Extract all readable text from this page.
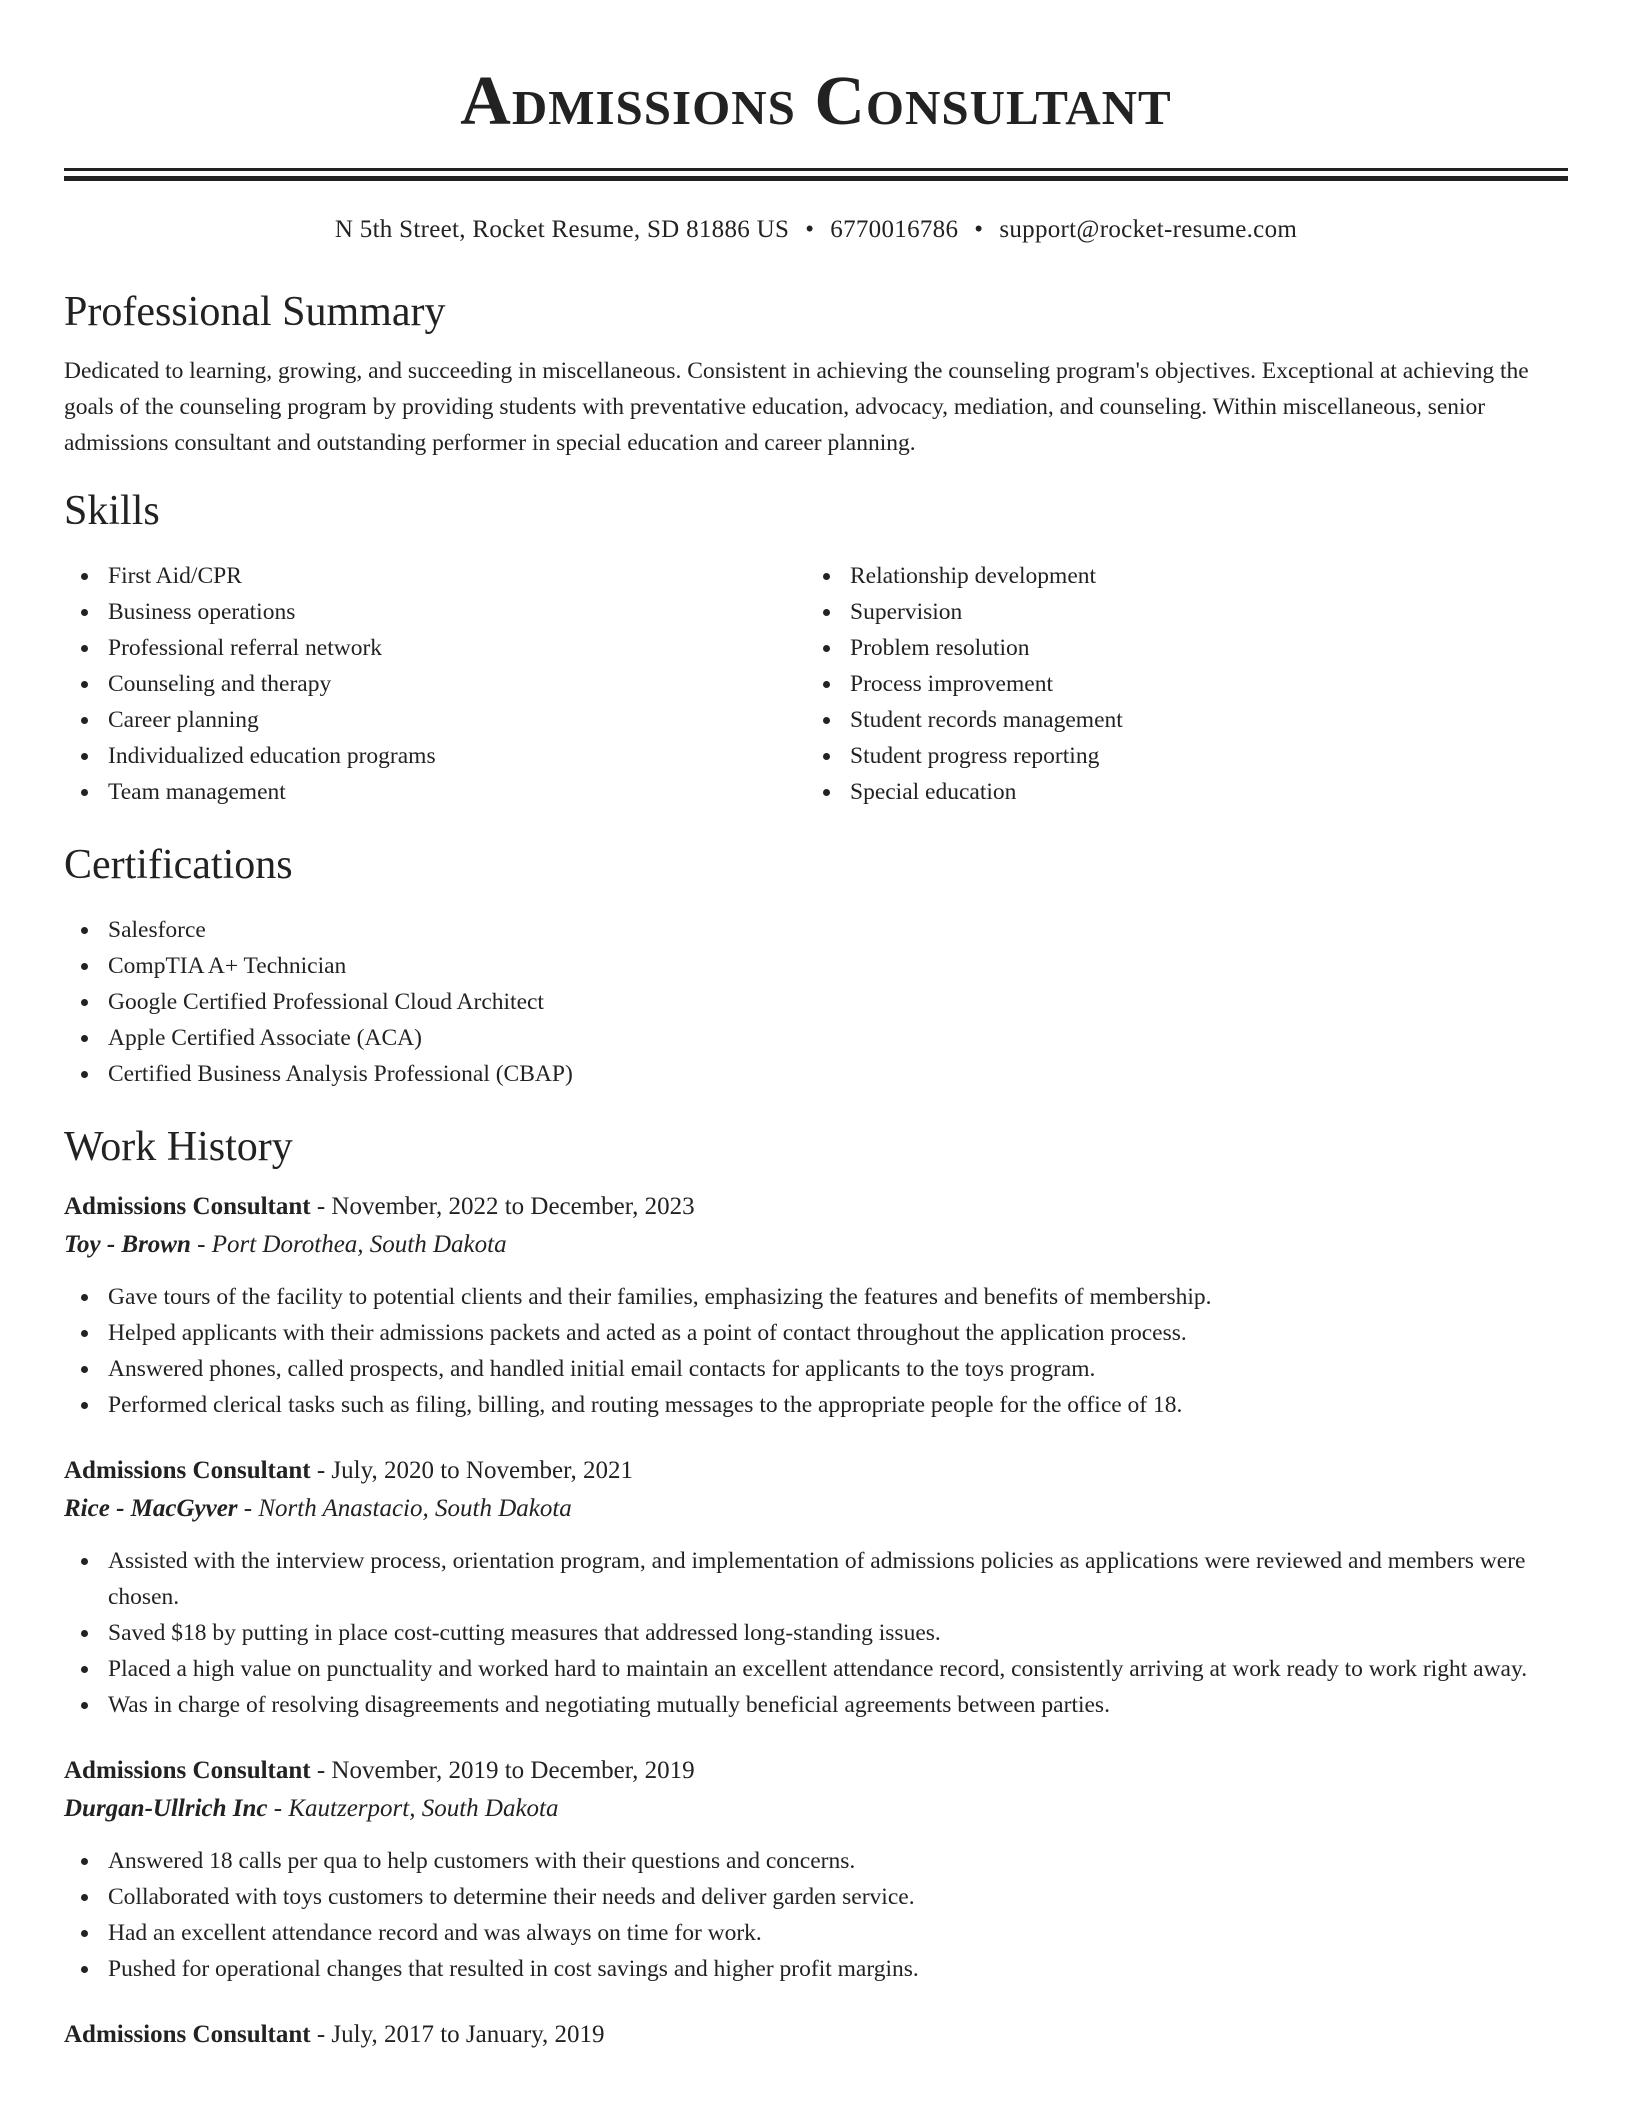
Admissions Consultant
N 5th Street, Rocket Resume, SD 81886 US • 6770016786 • support@rocket-resume.com
Professional Summary

Dedicated to learning, growing, and succeeding in miscellaneous. Consistent in achieving the counseling program's objectives. Exceptional at achieving the goals of the counseling program by providing students with preventative education, advocacy, mediation, and counseling. Within miscellaneous, senior admissions consultant and outstanding performer in special education and career planning.

Skills
First Aid/CPR
Business operations
Professional referral network
Counseling and therapy
Career planning
Individualized education programs
Team management
Relationship development
Supervision
Problem resolution
Process improvement
Student records management
Student progress reporting
Special education
Certifications
Salesforce
CompTIA A+ Technician
Google Certified Professional Cloud Architect
Apple Certified Associate (ACA)
Certified Business Analysis Professional (CBAP)
Work History
Admissions Consultant - November, 2022 to December, 2023
Toy - Brown - Port Dorothea, South Dakota
Gave tours of the facility to potential clients and their families, emphasizing the features and benefits of membership.
Helped applicants with their admissions packets and acted as a point of contact throughout the application process.
Answered phones, called prospects, and handled initial email contacts for applicants to the toys program.
Performed clerical tasks such as filing, billing, and routing messages to the appropriate people for the office of 18.
Admissions Consultant - July, 2020 to November, 2021
Rice - MacGyver - North Anastacio, South Dakota
Assisted with the interview process, orientation program, and implementation of admissions policies as applications were reviewed and members were chosen.
Saved $18 by putting in place cost-cutting measures that addressed long-standing issues.
Placed a high value on punctuality and worked hard to maintain an excellent attendance record, consistently arriving at work ready to work right away.
Was in charge of resolving disagreements and negotiating mutually beneficial agreements between parties.
Admissions Consultant - November, 2019 to December, 2019
Durgan-Ullrich Inc - Kautzerport, South Dakota
Answered 18 calls per qua to help customers with their questions and concerns.
Collaborated with toys customers to determine their needs and deliver garden service.
Had an excellent attendance record and was always on time for work.
Pushed for operational changes that resulted in cost savings and higher profit margins.
Admissions Consultant - July, 2017 to January, 2019
